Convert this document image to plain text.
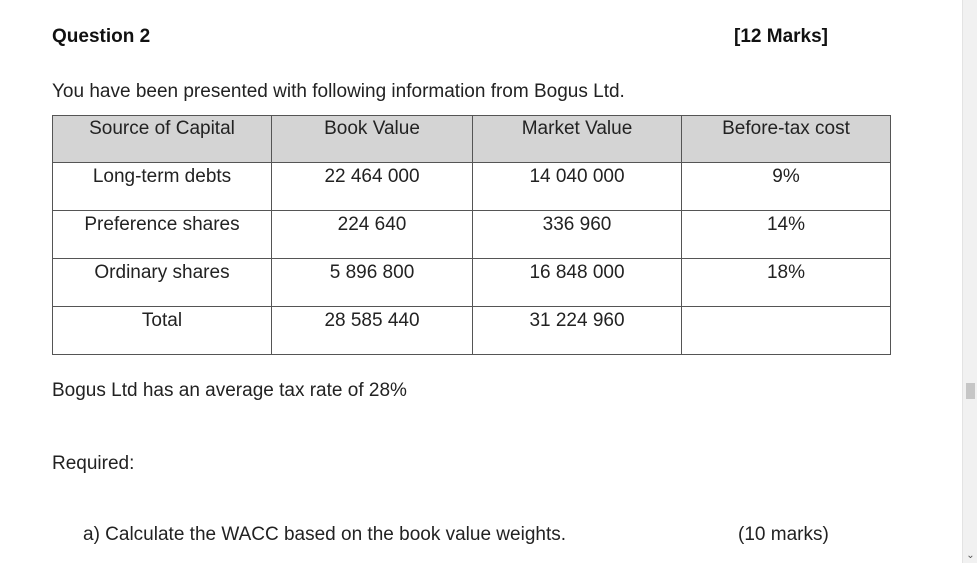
Question 2	[12 Marks]
You have been presented with following information from Bogus Ltd.
Source of Capital	Book Value	Market Value	Before-tax cost
Long-term debts	22 464 000	14 040 000	9%
Preference shares	224 640	336 960	14%
Ordinary shares	5 896 800	16 848 000	18%
Total	28 585 440	31 224 960	
Bogus Ltd has an average tax rate of 28%
Required:
a) Calculate the WACC based on the book value weights.	(10 marks)
⌄
